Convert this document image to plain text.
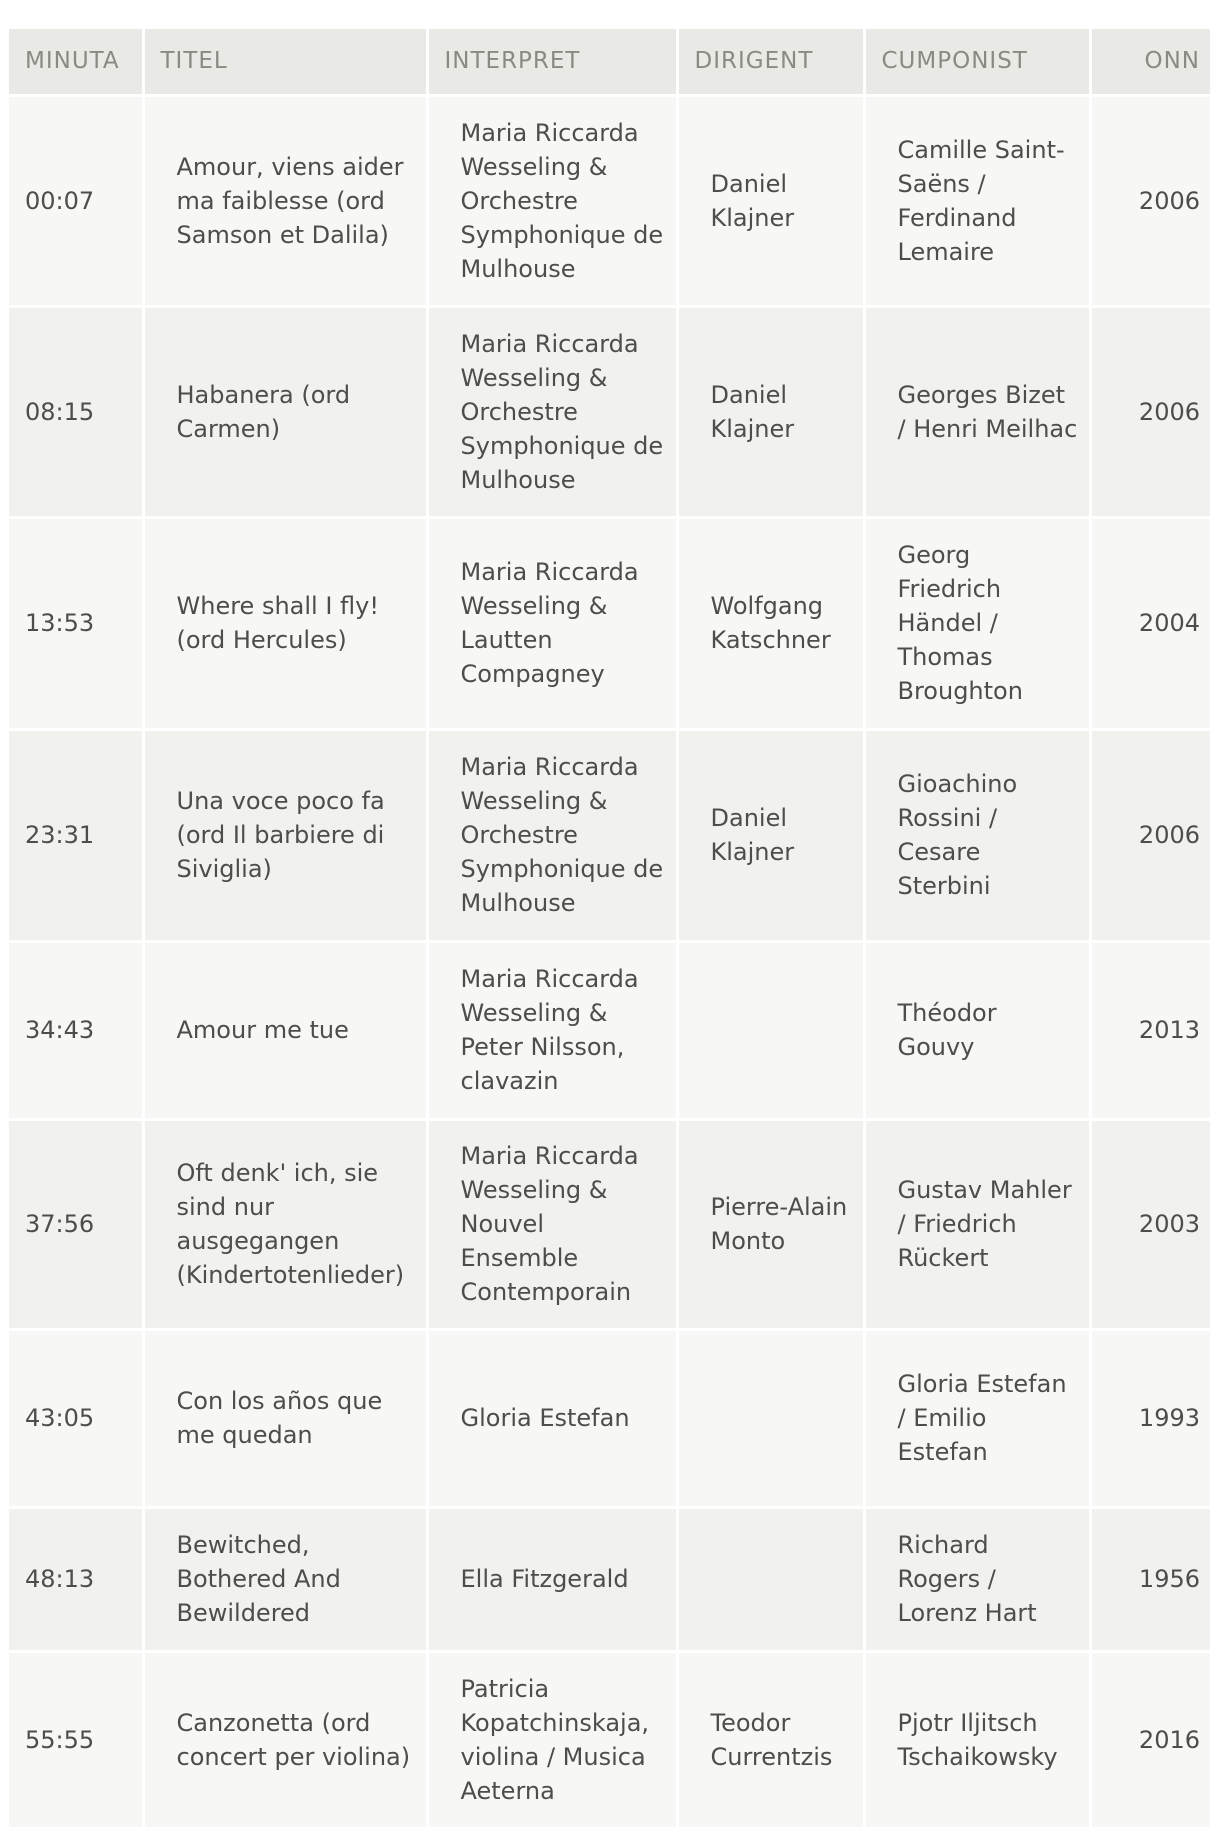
MINUTA	TITEL	INTERPRET	DIRIGENT	CUMPONIST	ONN
00:07	Amour, viens aider ma faiblesse (ord Samson et Dalila)	Maria Riccarda Wesseling & Orchestre Symphonique de Mulhouse	Daniel Klajner	Camille Saint-Saëns / Ferdinand Lemaire	2006
08:15	Habanera (ord Carmen)	Maria Riccarda Wesseling & Orchestre Symphonique de Mulhouse	Daniel Klajner	Georges Bizet / Henri Meilhac	2006
13:53	Where shall I fly! (ord Hercules)	Maria Riccarda Wesseling & Lautten Compagney	Wolfgang Katschner	Georg Friedrich Händel / Thomas Broughton	2004
23:31	Una voce poco fa (ord Il barbiere di Siviglia)	Maria Riccarda Wesseling & Orchestre Symphonique de Mulhouse	Daniel Klajner	Gioachino Rossini / Cesare Sterbini	2006
34:43	Amour me tue	Maria Riccarda Wesseling & Peter Nilsson, clavazin		Théodor Gouvy	2013
37:56	Oft denk' ich, sie sind nur ausgegangen (Kindertotenlieder)	Maria Riccarda Wesseling & Nouvel Ensemble Contemporain	Pierre-Alain Monto	Gustav Mahler / Friedrich Rückert	2003
43:05	Con los años que me quedan	Gloria Estefan		Gloria Estefan / Emilio Estefan	1993
48:13	Bewitched, Bothered And Bewildered	Ella Fitzgerald		Richard Rogers / Lorenz Hart	1956
55:55	Canzonetta (ord concert per violina)	Patricia Kopatchinskaja, violina / Musica Aeterna	Teodor Currentzis	Pjotr Iljitsch Tschaikowsky	2016
